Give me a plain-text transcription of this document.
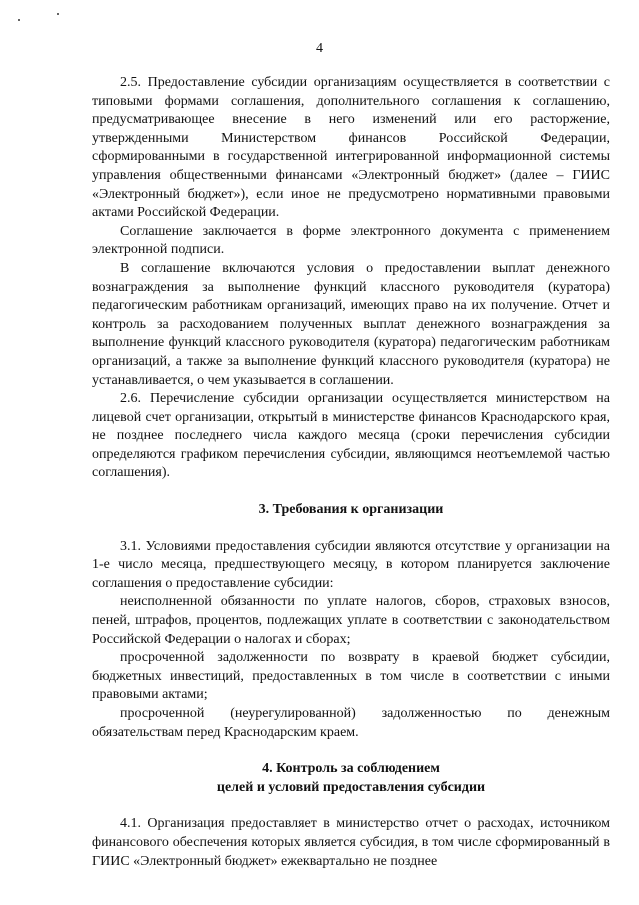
4

2.5. Предоставление субсидии организациям осуществляется в соответствии с типовыми формами соглашения, дополнительного соглашения к соглашению, предусматривающее внесение в него изменений или его расторжение, утвержденными Министерством финансов Российской Федерации, сформированными в государственной интегрированной информационной системы управления общественными финансами «Электронный бюджет» (далее – ГИИС «Электронный бюджет»), если иное не предусмотрено нормативными правовыми актами Российской Федерации.

Соглашение заключается в форме электронного документа с применением электронной подписи.

В соглашение включаются условия о предоставлении выплат денежного вознаграждения за выполнение функций классного руководителя (куратора) педагогическим работникам организаций, имеющих право на их получение. Отчет и контроль за расходованием полученных выплат денежного вознаграждения за выполнение функций классного руководителя (куратора) педагогическим работникам организаций, а также за выполнение функций классного руководителя (куратора) не устанавливается, о чем указывается в соглашении.

2.6. Перечисление субсидии организации осуществляется министерством на лицевой счет организации, открытый в министерстве финансов Краснодарского края, не позднее последнего числа каждого месяца (сроки перечисления субсидии определяются графиком перечисления субсидии, являющимся неотъемлемой частью соглашения).

3. Требования к организации

3.1. Условиями предоставления субсидии являются отсутствие у организации на 1-е число месяца, предшествующего месяцу, в котором планируется заключение соглашения о предоставление субсидии:

неисполненной обязанности по уплате налогов, сборов, страховых взносов, пеней, штрафов, процентов, подлежащих уплате в соответствии с законодательством Российской Федерации о налогах и сборах;

просроченной задолженности по возврату в краевой бюджет субсидии, бюджетных инвестиций, предоставленных в том числе в соответствии с иными правовыми актами;

просроченной (неурегулированной) задолженностью по денежным обязательствам перед Краснодарским краем.

4. Контроль за соблюдением
целей и условий предоставления субсидии

4.1. Организация предоставляет в министерство отчет о расходах, источником финансового обеспечения которых является субсидия, в том числе сформированный в ГИИС «Электронный бюджет» ежеквартально не позднее
